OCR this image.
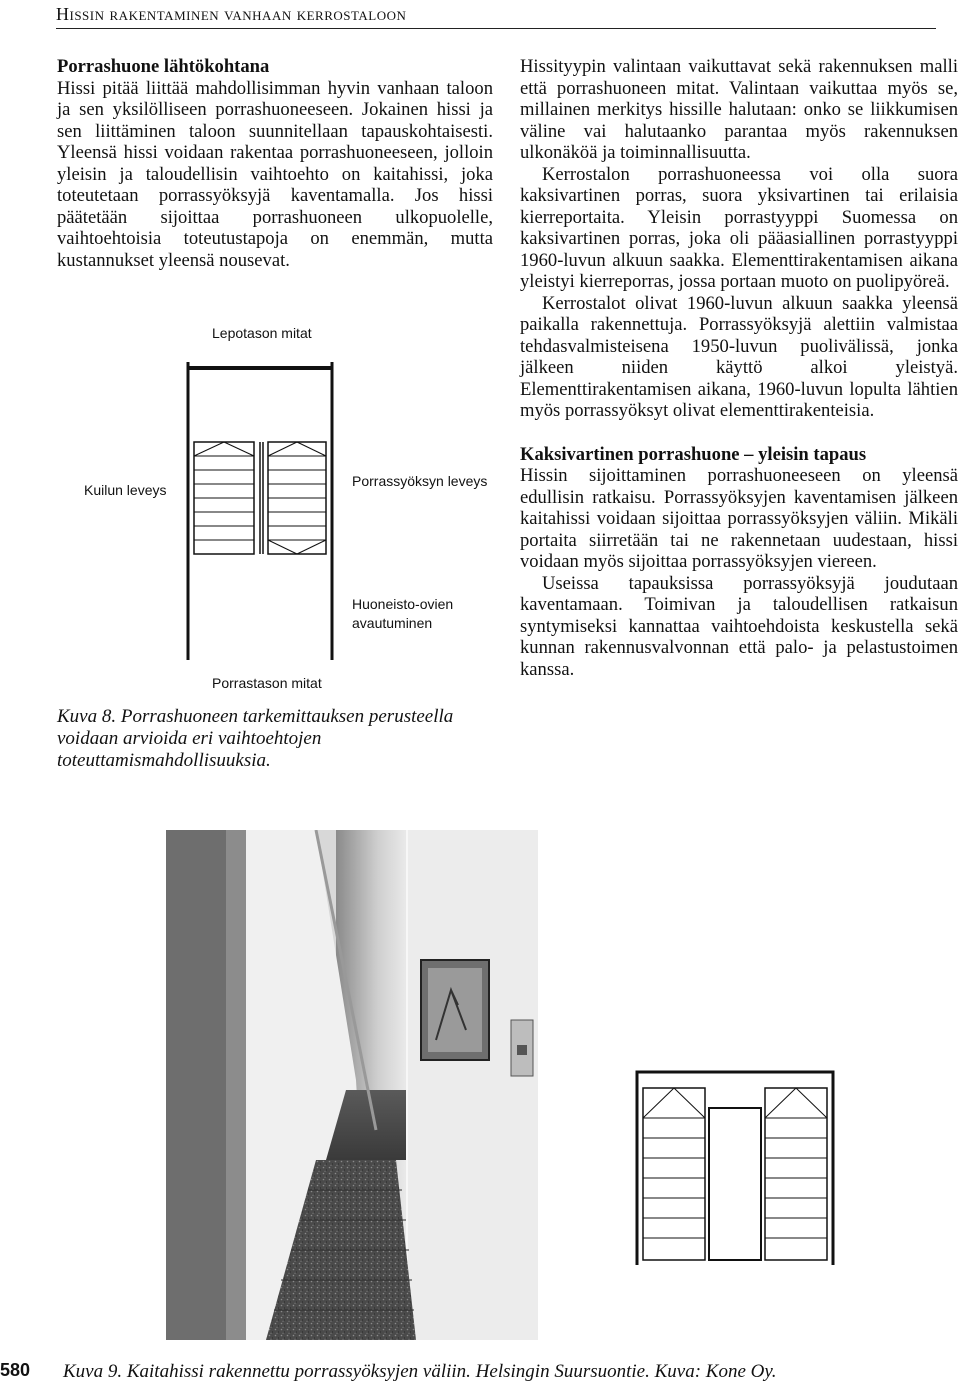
Hissin rakentaminen vanhaan kerrostaloon

Porrashuone lähtökohtana

Hissi pitää liittää mahdollisimman hyvin vanhaan taloon ja sen yksilölliseen porrashuoneeseen. Jokainen hissi ja sen liittäminen taloon suunnitellaan tapauskohtaisesti. Yleensä hissi voidaan rakentaa porrashuoneeseen, jolloin yleisin ja taloudellisin vaihtoehto on kaitahissi, joka toteutetaan porrassyöksyjä kaventamalla. Jos hissi päätetään sijoittaa porrashuoneen ulkopuolelle, vaihtoehtoisia toteutustapoja on enemmän, mutta kustannukset yleensä nousevat.

Lepotason mitat
Kuilun leveys
Porrassyöksyn leveys
Huoneisto-ovien avautuminen
Porrastason mitat
Kuva 8. Porrashuoneen tarkemittauksen perusteella voidaan arvioida eri vaihtoehtojen toteuttamismahdollisuuksia.

Hissityypin valintaan vaikuttavat sekä rakennuksen malli että porrashuoneen mitat. Valintaan vaikuttaa myös se, millainen merkitys hissille halutaan: onko se liikkumisen väline vai halutaanko parantaa myös rakennuksen ulkonäköä ja toiminnallisuutta.

Kerrostalon porrashuoneessa voi olla suora kaksivartinen porras, suora yksivartinen tai erilaisia kierreportaita. Yleisin porrastyyppi Suomessa on kaksivartinen porras, joka oli pääasiallinen porrastyyppi 1960-luvun alkuun saakka. Elementtirakentamisen aikana yleistyi kierreporras, jossa portaan muoto on puolipyöreä.

Kerrostalot olivat 1960-luvun alkuun saakka yleensä paikalla rakennettuja. Porrassyöksyjä alettiin valmistaa tehdasvalmisteisena 1950-luvun puolivälissä, jonka jälkeen niiden käyttö alkoi yleistyä. Elementtirakentamisen aikana, 1960-luvun lopulta lähtien myös porrassyöksyt olivat elementtirakenteisia.

Kaksivartinen porrashuone – yleisin tapaus

Hissin sijoittaminen porrashuoneeseen on yleensä edullisin ratkaisu. Porrassyöksyjen kaventamisen jälkeen kaitahissi voidaan sijoittaa porrassyöksyjen väliin. Mikäli portaita siirretään tai ne rakennetaan uudestaan, hissi voidaan myös sijoittaa porrassyöksyjen viereen.

Useissa tapauksissa porrassyöksyjä joudutaan kaventamaan. Toimivan ja taloudellisen ratkaisun syntymiseksi kannattaa vaihtoehdoista keskustella sekä kunnan rakennusvalvonnan että palo- ja pelastustoimen kanssa.

Kuva 9. Kaitahissi rakennettu porrassyöksyjen väliin. Helsingin Suursuontie. Kuva: Kone Oy.
580
